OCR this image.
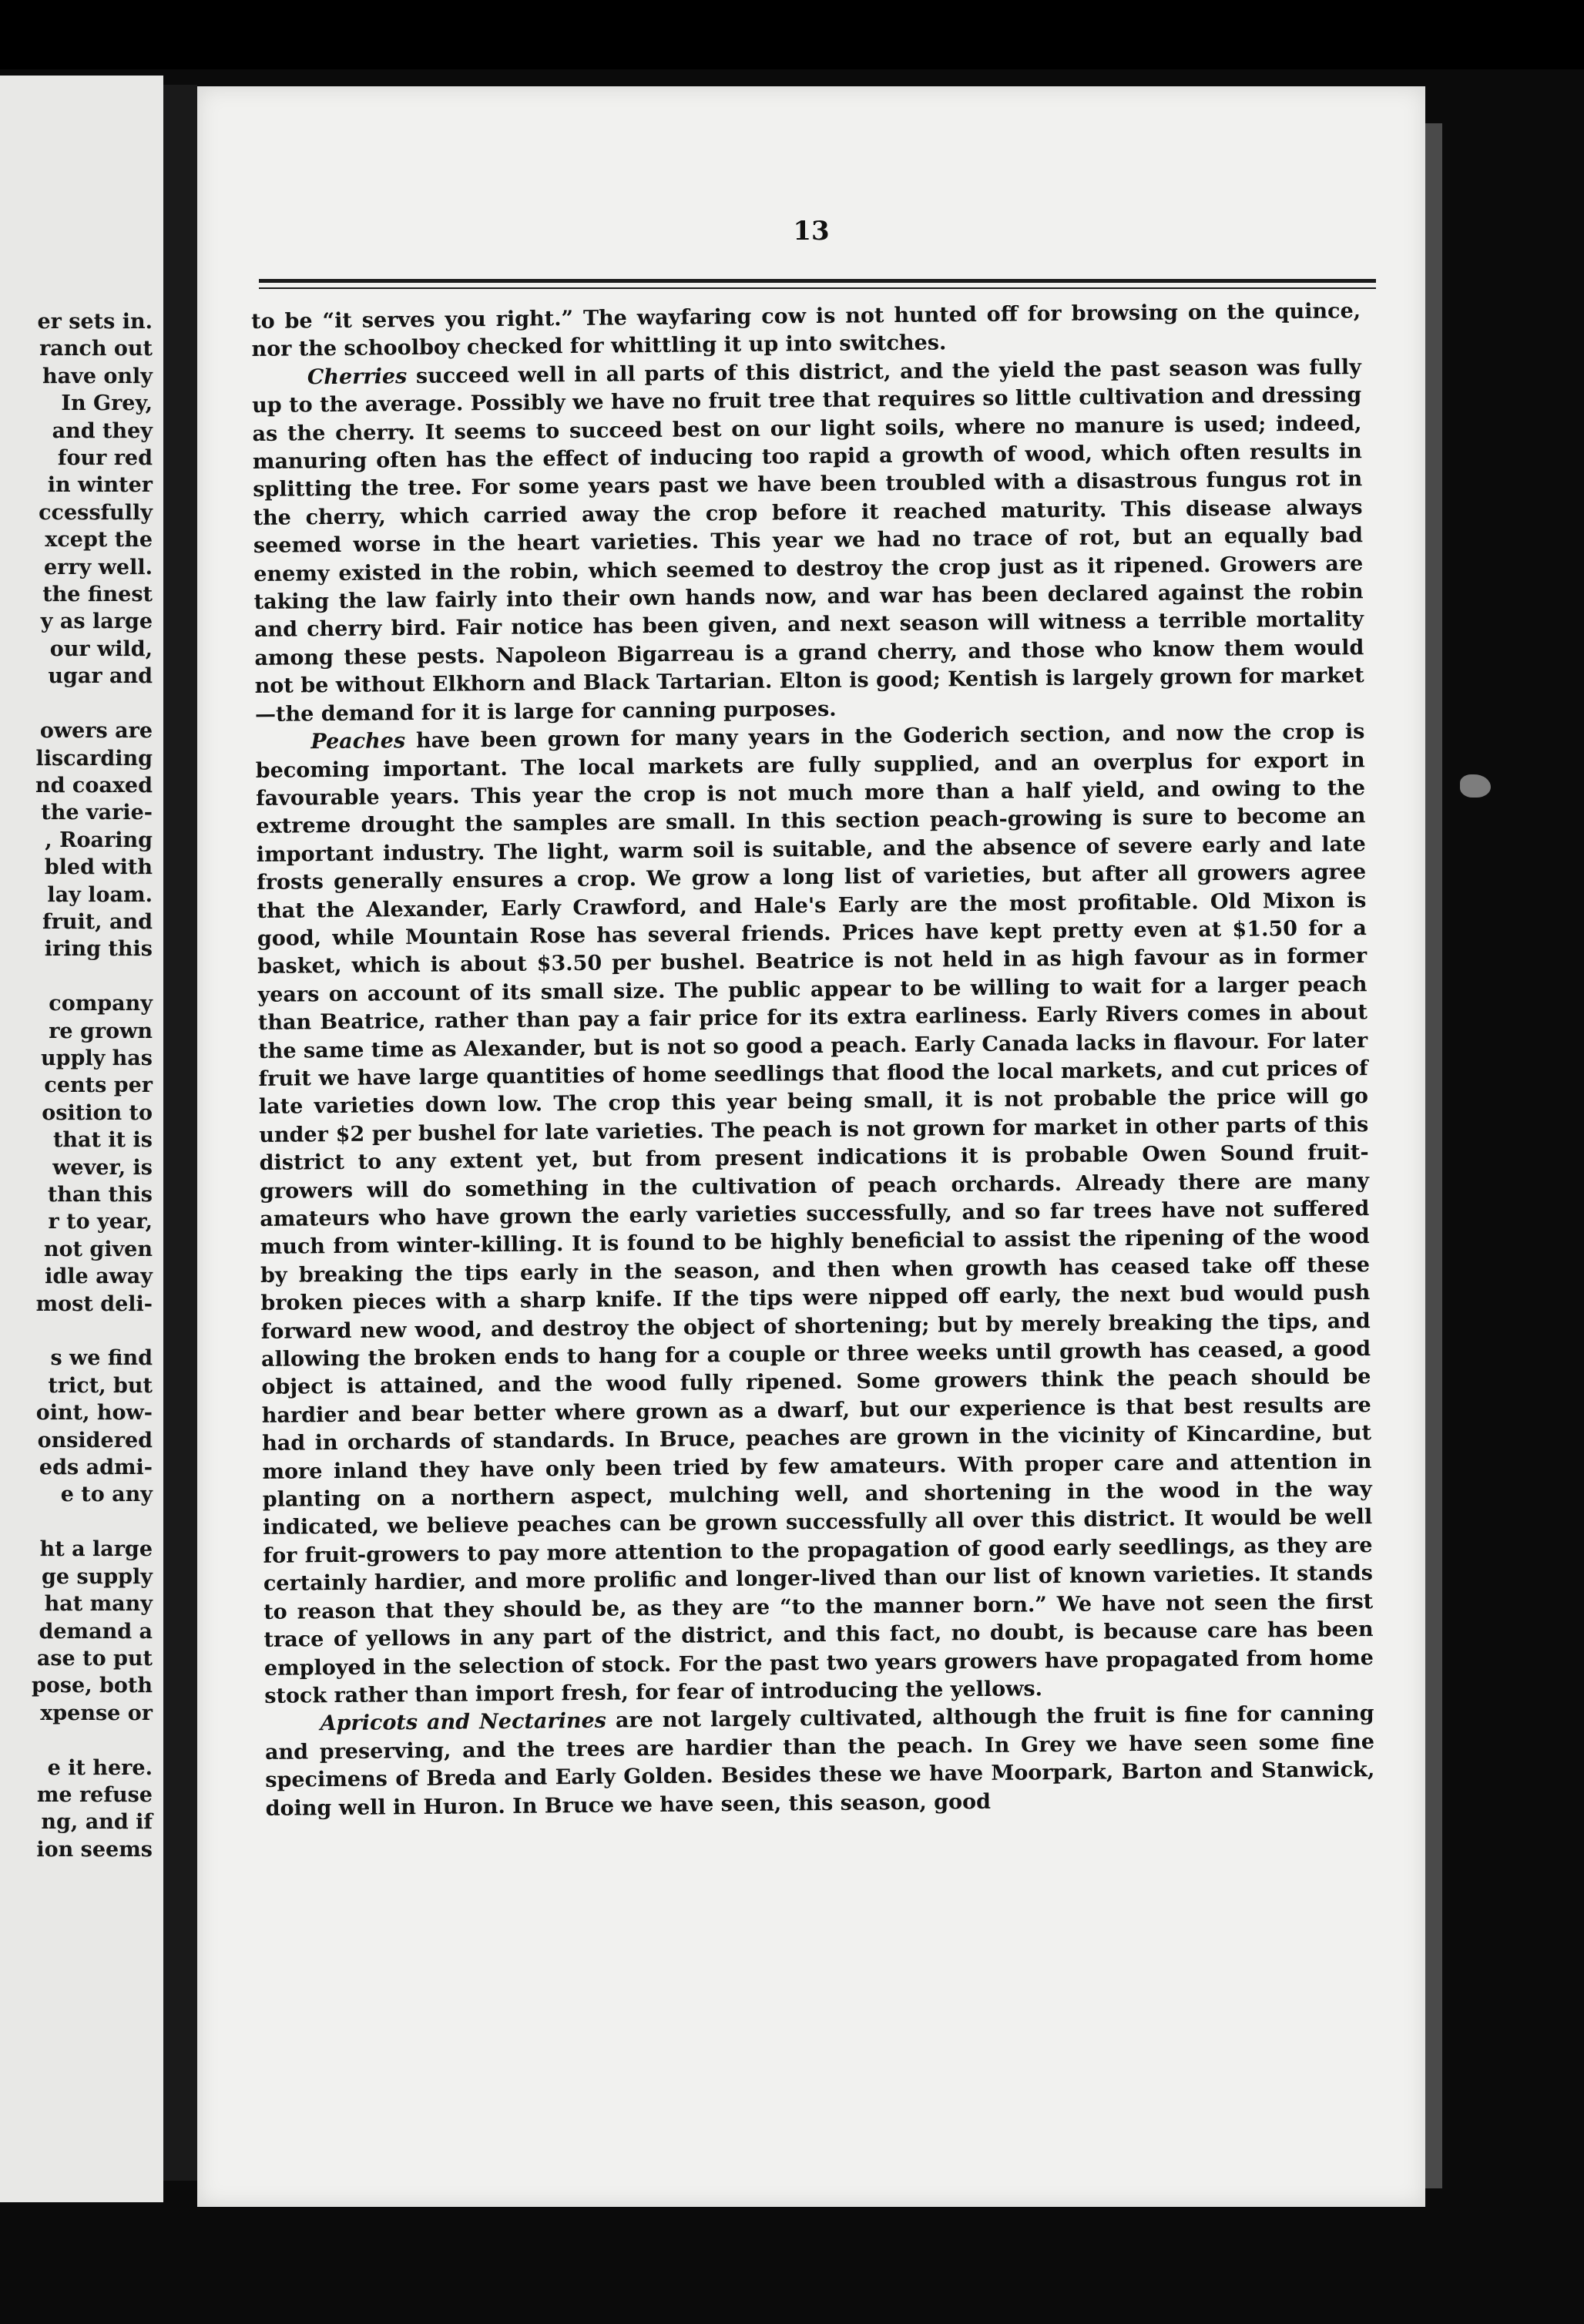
er sets in.
ranch out
have only
In Grey,
and they
four red
in winter
ccessfully
xcept the
erry well.
the finest
y as large
our wild,
ugar and

owers are
liscarding
nd coaxed
the varie-
, Roaring
bled with
lay loam.
fruit, and
iring this

company
re grown
upply has
cents per
osition to
that it is
wever, is
than this
r to year,
not given
idle away
most deli-

s we find
trict, but
oint, how-
onsidered
eds admi-
e to any

ht a large
ge supply
hat many
demand a
ase to put
pose, both
xpense or

e it here.
me refuse
ng, and if
ion seems
13

to be “it serves you right.” The wayfaring cow is not hunted off for browsing on the quince, nor the schoolboy checked for whittling it up into switches.

Cherries succeed well in all parts of this district, and the yield the past season was fully up to the average. Possibly we have no fruit tree that requires so little cultivation and dressing as the cherry. It seems to succeed best on our light soils, where no manure is used; indeed, manuring often has the effect of inducing too rapid a growth of wood, which often results in splitting the tree. For some years past we have been troubled with a disastrous fungus rot in the cherry, which carried away the crop before it reached maturity. This disease always seemed worse in the heart varieties. This year we had no trace of rot, but an equally bad enemy existed in the robin, which seemed to destroy the crop just as it ripened. Growers are taking the law fairly into their own hands now, and war has been declared against the robin and cherry bird. Fair notice has been given, and next season will witness a terrible mortality among these pests. Napoleon Bigarreau is a grand cherry, and those who know them would not be without Elkhorn and Black Tartarian. Elton is good; Kentish is largely grown for market—the demand for it is large for canning purposes.

Peaches have been grown for many years in the Goderich section, and now the crop is becoming important. The local markets are fully supplied, and an overplus for export in favourable years. This year the crop is not much more than a half yield, and owing to the extreme drought the samples are small. In this section peach-growing is sure to become an important industry. The light, warm soil is suitable, and the absence of severe early and late frosts generally ensures a crop. We grow a long list of varieties, but after all growers agree that the Alexander, Early Crawford, and Hale's Early are the most profitable. Old Mixon is good, while Mountain Rose has several friends. Prices have kept pretty even at $1.50 for a basket, which is about $3.50 per bushel. Beatrice is not held in as high favour as in former years on account of its small size. The public appear to be willing to wait for a larger peach than Beatrice, rather than pay a fair price for its extra earliness. Early Rivers comes in about the same time as Alexander, but is not so good a peach. Early Canada lacks in flavour. For later fruit we have large quantities of home seedlings that flood the local markets, and cut prices of late varieties down low. The crop this year being small, it is not probable the price will go under $2 per bushel for late varieties. The peach is not grown for market in other parts of this district to any extent yet, but from present indications it is probable Owen Sound fruit-growers will do something in the cultivation of peach orchards. Already there are many amateurs who have grown the early varieties successfully, and so far trees have not suffered much from winter-killing. It is found to be highly beneficial to assist the ripening of the wood by breaking the tips early in the season, and then when growth has ceased take off these broken pieces with a sharp knife. If the tips were nipped off early, the next bud would push forward new wood, and destroy the object of shortening; but by merely breaking the tips, and allowing the broken ends to hang for a couple or three weeks until growth has ceased, a good object is attained, and the wood fully ripened. Some growers think the peach should be hardier and bear better where grown as a dwarf, but our experience is that best results are had in orchards of standards. In Bruce, peaches are grown in the vicinity of Kincardine, but more inland they have only been tried by few amateurs. With proper care and attention in planting on a northern aspect, mulching well, and shortening in the wood in the way indicated, we believe peaches can be grown successfully all over this district. It would be well for fruit-growers to pay more attention to the propagation of good early seedlings, as they are certainly hardier, and more prolific and longer-lived than our list of known varieties. It stands to reason that they should be, as they are “to the manner born.” We have not seen the first trace of yellows in any part of the district, and this fact, no doubt, is because care has been employed in the selection of stock. For the past two years growers have propagated from home stock rather than import fresh, for fear of introducing the yellows.

Apricots and Nectarines are not largely cultivated, although the fruit is fine for canning and preserving, and the trees are hardier than the peach. In Grey we have seen some fine specimens of Breda and Early Golden. Besides these we have Moorpark, Barton and Stanwick, doing well in Huron. In Bruce we have seen, this season, good
